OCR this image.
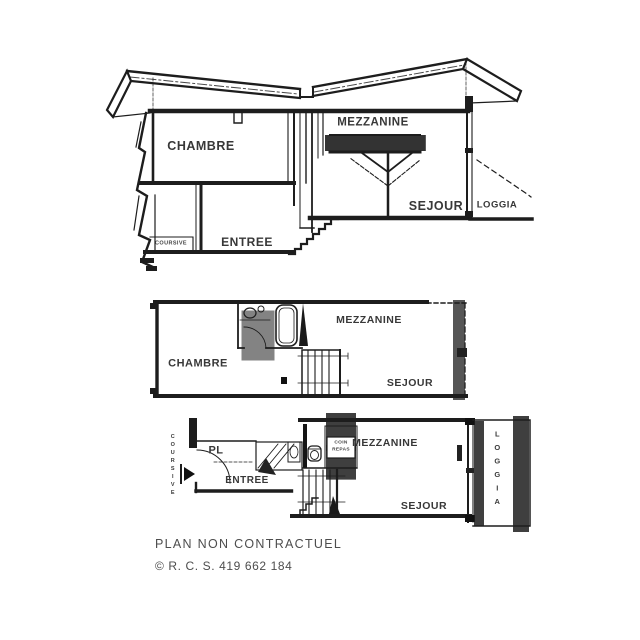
CHAMBRE
MEZZANINE
SEJOUR LOGGIA
ENTREE
COURSIVE
CHAMBRE
MEZZANINE
SEJOUR
COURSIVE	PL
ENTREE
COIN
REPAS
MEZZANINE
SEJOUR	LOGGIA
PLAN NON CONTRACTUEL
© R. C. S. 419 662 184
